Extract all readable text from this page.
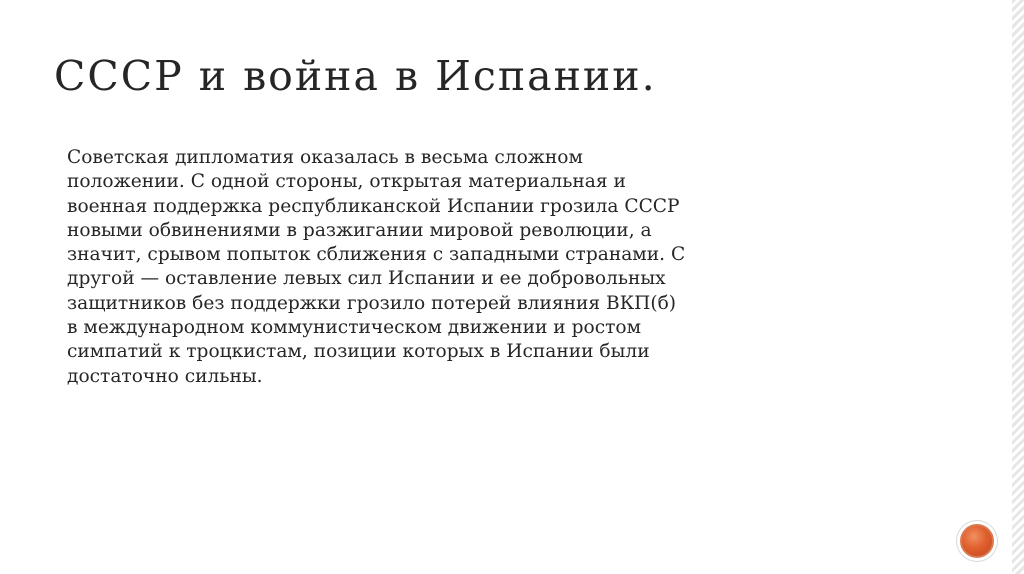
СССР и война в Испании.

Советская дипломатия оказалась в весьма сложном
положении. С одной стороны, открытая материальная и
военная поддержка республиканской Испании грозила СССР
новыми обвинениями в разжигании мировой революции, а
значит, срывом попыток сближения с западными странами. С
другой — оставление левых сил Испании и ее добровольных
защитников без поддержки грозило потерей влияния ВКП(б)
в международном коммунистическом движении и ростом
симпатий к троцкистам, позиции которых в Испании были
достаточно сильны.
